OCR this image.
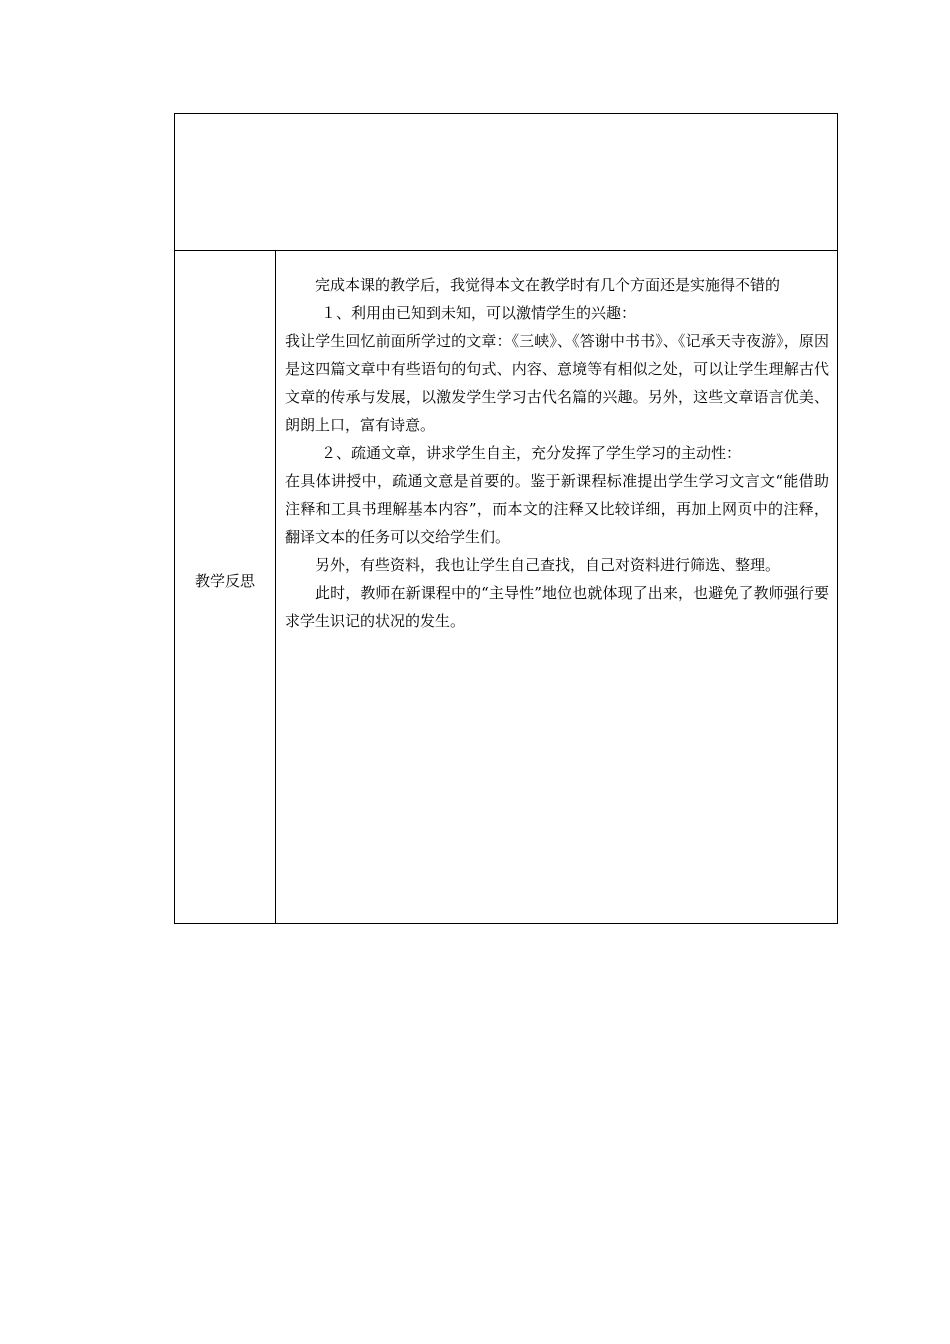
教学反思

完成本课的教学后，我觉得本文在教学时有几个方面还是实施得不错的

１、利用由已知到未知，可以激情学生的兴趣：

我让学生回忆前面所学过的文章：《三峡》、《答谢中书书》、《记承天寺夜游》，原因是这四篇文章中有些语句的句式、内容、意境等有相似之处，可以让学生理解古代文章的传承与发展，以激发学生学习古代名篇的兴趣。另外，这些文章语言优美、朗朗上口，富有诗意。

２、疏通文章，讲求学生自主，充分发挥了学生学习的主动性：

在具体讲授中，疏通文意是首要的。鉴于新课程标准提出学生学习文言文“能借助注释和工具书理解基本内容”，而本文的注释又比较详细，再加上网页中的注释，翻译文本的任务可以交给学生们。

另外，有些资料，我也让学生自己查找，自己对资料进行筛选、整理。

此时，教师在新课程中的“主导性”地位也就体现了出来，也避免了教师强行要求学生识记的状况的发生。
